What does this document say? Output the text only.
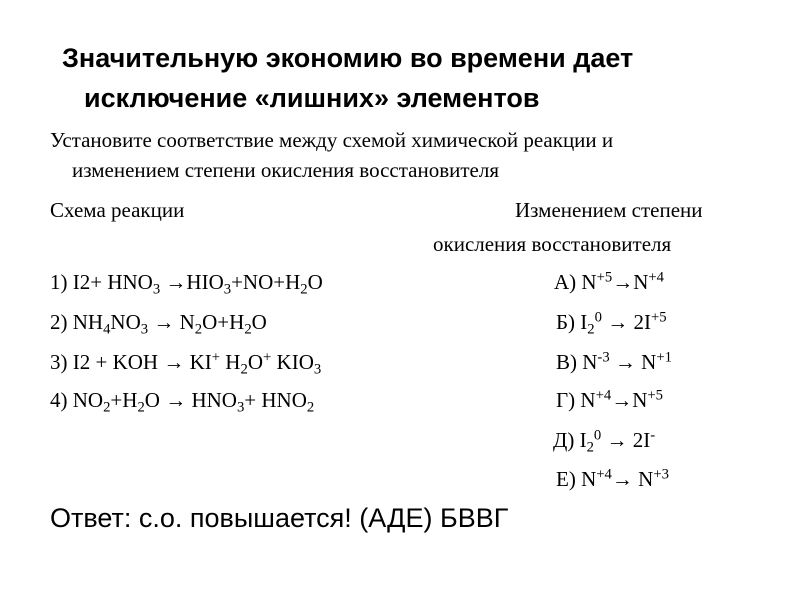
Значительную экономию во времени дает
исключение «лишних» элементов
Установите соответствие между схемой химической реакции и
изменением степени окисления восстановителя
Схема реакции	Изменением степени
окисления восстановителя
1) $I2+ HNO_3 \to HIO_3+NO+H_2O$
2) $NH_4NO_3 \to N_2O+H_2O$
3) I2 + KOH → KI+ $H_2O^+$ $KIO_3$
4) $NO_2+H_2O \to HNO_3+ HNO_2$
А) $N^{+5}\to N^{+4}$
Б) $I_2^0 \to 2I^{+5}$
В) $N^{-3} \to N^{+1}$
Г) $N^{+4}\to N^{+5}$
Д) $I_2^0 \to 2I^-$
Е) $N^{+4}\to N^{+3}$
Ответ: с.о. повышается! (АДЕ) БВВГ
